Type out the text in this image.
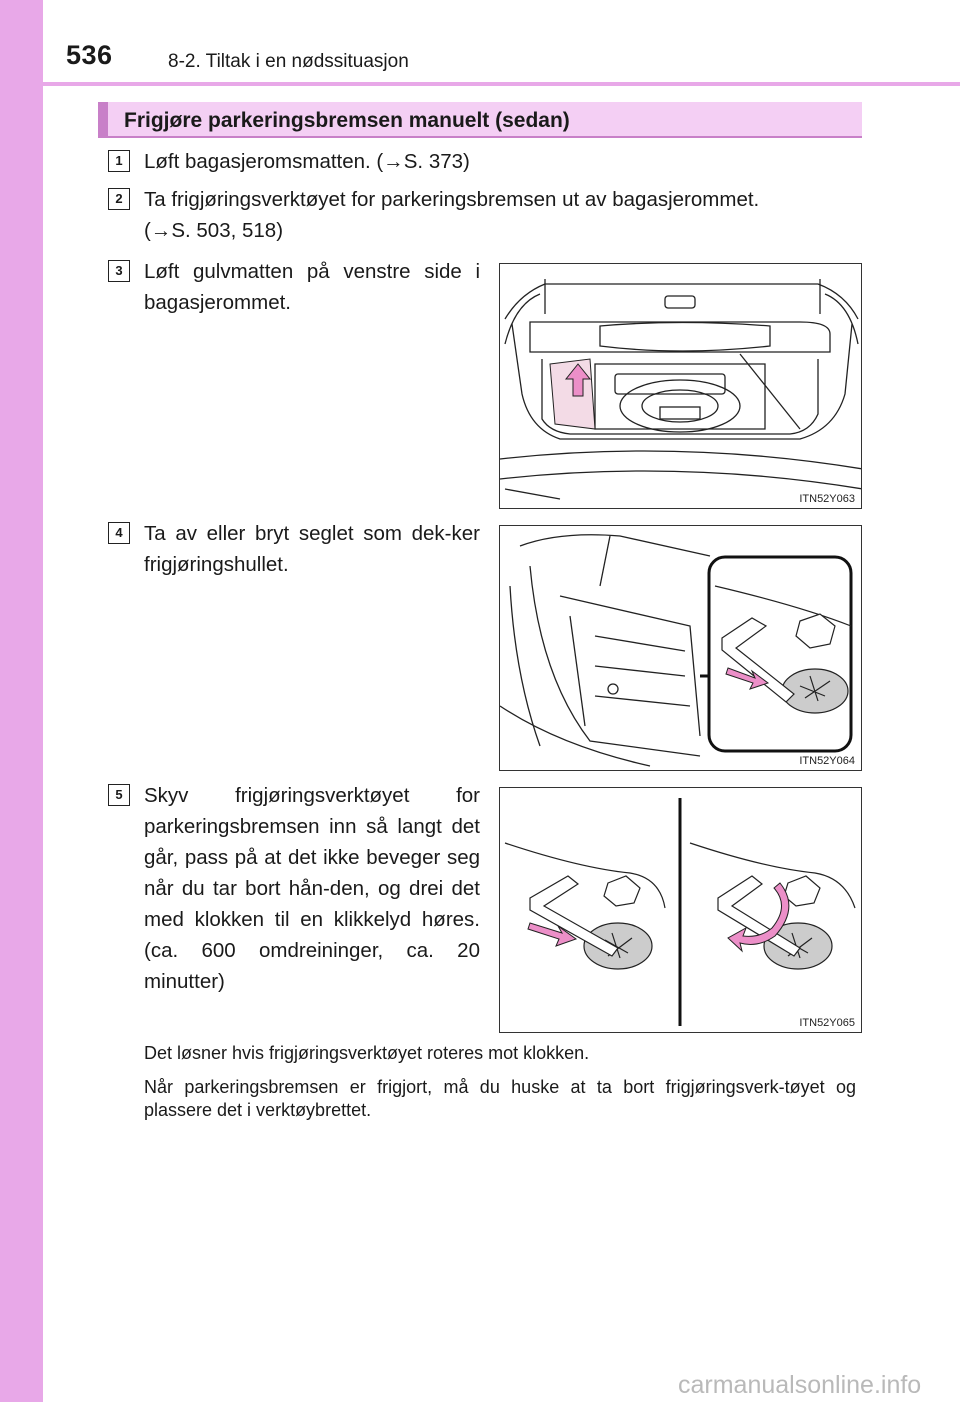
536	8-2. Tiltak i en nødssituasjon
Frigjøre parkeringsbremsen manuelt (sedan)
1	Løft bagasjeromsmatten. (→S. 373)
2	Ta frigjøringsverktøyet for parkeringsbremsen ut av bagasjerommet.
(→S. 503, 518)
3	Løft gulvmatten på venstre side i bagasjerommet.
ITN52Y063
4	Ta av eller bryt seglet som dek-ker frigjøringshullet.
ITN52Y064
5	Skyv frigjøringsverktøyet for parkeringsbremsen inn så langt det går, pass på at det ikke beveger seg når du tar bort hån-den, og drei det med klokken til en klikkelyd høres. (ca. 600 omdreininger, ca. 20 minutter)
ITN52Y065
Det løsner hvis frigjøringsverktøyet roteres mot klokken.
Når parkeringsbremsen er frigjort, må du huske at ta bort frigjøringsverk-tøyet og plassere det i verktøybrettet.
carmanualsonline.info
